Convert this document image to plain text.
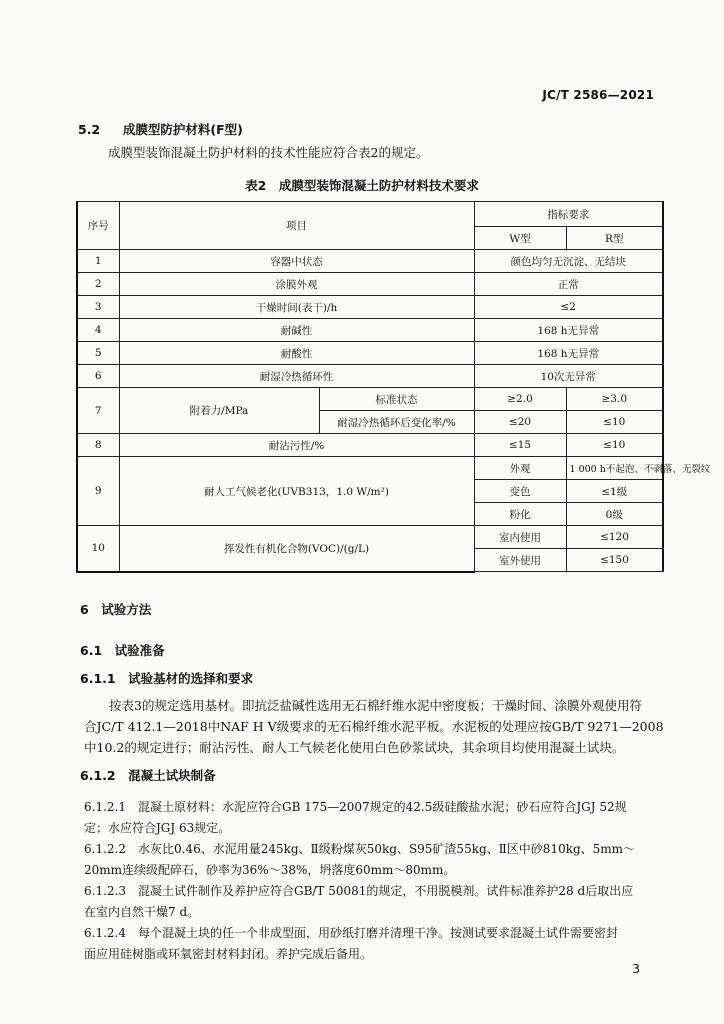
JC/T 2586—2021
5.2 成膜型防护材料(F型)
成膜型装饰混凝土防护材料的技术性能应符合表2的规定。
表2　成膜型装饰混凝土防护材料技术要求
序号	项目		指标要求		
			W型	R型	
1	容器中状态		颜色均匀无沉淀、无结块		
2	涂膜外观		正常		
3	干燥时间(表干)/h		≤2		
4	耐碱性		168 h无异常		
5	耐酸性		168 h无异常		
6	耐湿冷热循环性		10次无异常		
7	附着力/MPa	标准状态	≥2.0	≥3.0	
		耐湿冷热循环后变化率/%	≤20	≤10	
8	耐沾污性/%		≤15	≤10	
9	耐人工气候老化(UVB313，1.0 W/m²)		外观	1 000 h不起泡、不剥落、无裂纹	
			变色	≤1级	
			粉化	0级	
10	挥发性有机化合物(VOC)/(g/L)		室内使用	≤120	
			室外使用	≤150	
6　试验方法
6.1　试验准备
6.1.1　试验基材的选择和要求
　　按表3的规定选用基材。即抗泛盐碱性选用无石棉纤维水泥中密度板；干燥时间、涂膜外观使用符
合JC/T 412.1—2018中NAF H V级要求的无石棉纤维水泥平板。水泥板的处理应按GB/T 9271—2008
中10.2的规定进行；耐沾污性、耐人工气候老化使用白色砂浆试块，其余项目均使用混凝土试块。
6.1.2　混凝土试块制备
6.1.2.1　混凝土原材料：水泥应符合GB 175—2007规定的42.5级硅酸盐水泥；砂石应符合JGJ 52规
定；水应符合JGJ 63规定。
6.1.2.2　水灰比0.46、水泥用量245kg、Ⅱ级粉煤灰50kg、S95矿渣55kg、Ⅱ区中砂810kg、5mm～
20mm连续级配碎石，砂率为36%～38%，坍落度60mm～80mm。
6.1.2.3　混凝土试件制作及养护应符合GB/T 50081的规定，不用脱模剂。试件标准养护28 d后取出应
在室内自然干燥7 d。
6.1.2.4　每个混凝土块的任一个非成型面，用砂纸打磨并清理干净。按测试要求混凝土试件需要密封
面应用硅树脂或环氧密封材料封闭。养护完成后备用。
3
